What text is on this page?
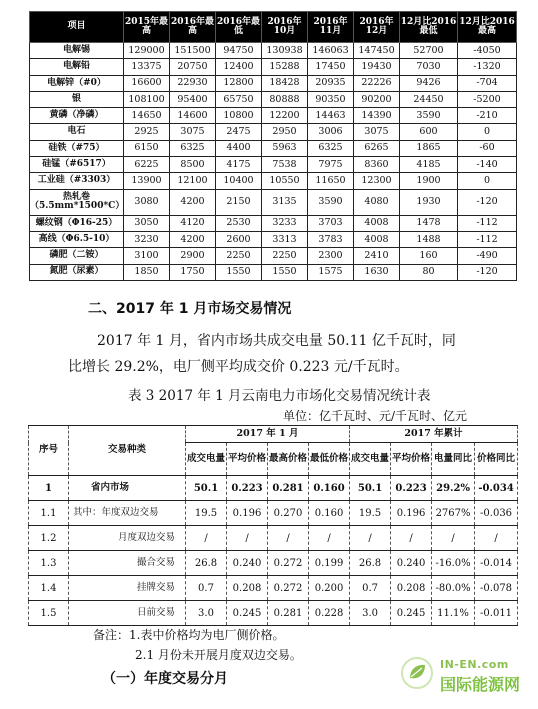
项目	2015年最高	2016年最高	2016年最低	2016年10月	2016年11月	2016年12月	12月比2016最低	12月比2016最高
电解锡	129000	151500	94750	130938	146063	147450	52700	-4050
电解铅	13375	20750	12400	15288	17450	19430	7030	-1320
电解锌（#0）	16600	22930	12800	18428	20935	22226	9426	-704
银	108100	95400	65750	80888	90350	90200	24450	-5200
黄磷（净磷）	14650	14600	10800	12200	14463	14390	3590	-210
电石	2925	3075	2475	2950	3006	3075	600	0
硅铁（#75）	6150	6325	4400	5963	6325	6265	1865	-60
硅锰（#6517）	6225	8500	4175	7538	7975	8360	4185	-140
工业硅（#3303）	13900	12100	10400	10550	11650	12300	1900	0
热轧卷（5.5mm*1500*C）	3080	4200	2150	3135	3590	4080	1930	-120
螺纹钢（Φ16-25）	3050	4120	2530	3233	3703	4008	1478	-112
高线（Φ6.5-10）	3230	4200	2600	3313	3783	4008	1488	-112
磷肥（二铵）	3100	2900	2250	2250	2300	2410	160	-490
氮肥（尿素）	1850	1750	1550	1550	1575	1630	80	-120
二、2017 年 1 月市场交易情况
2017 年 1 月，省内市场共成交电量 50.11 亿千瓦时，同
比增长 29.2%，电厂侧平均成交价 0.223 元/千瓦时。
表 3 2017 年 1 月云南电力市场化交易情况统计表
单位：亿千瓦时、元/千瓦时、亿元
序号	交易种类	2017 年 1 月				2017 年累计			
		成交电量	平均价格	最高价格	最低价格	成交电量	平均价格	电量同比	价格同比
1	省内市场	50.1	0.223	0.281	0.160	50.1	0.223	29.2%	-0.034
1.1	其中：年度双边交易	19.5	0.196	0.270	0.160	19.5	0.196	2767%	-0.036
1.2	月度双边交易	/	/	/	/	/	/	/	/
1.3	撮合交易	26.8	0.240	0.272	0.199	26.8	0.240	-16.0%	-0.014
1.4	挂牌交易	0.7	0.208	0.272	0.200	0.7	0.208	-80.0%	-0.078
1.5	日前交易	3.0	0.245	0.281	0.228	3.0	0.245	11.1%	-0.011
备注：1.表中价格均为电厂侧价格。
2.1 月份未开展月度双边交易。
（一）年度交易分月
IN-EN.com
国际能源网
